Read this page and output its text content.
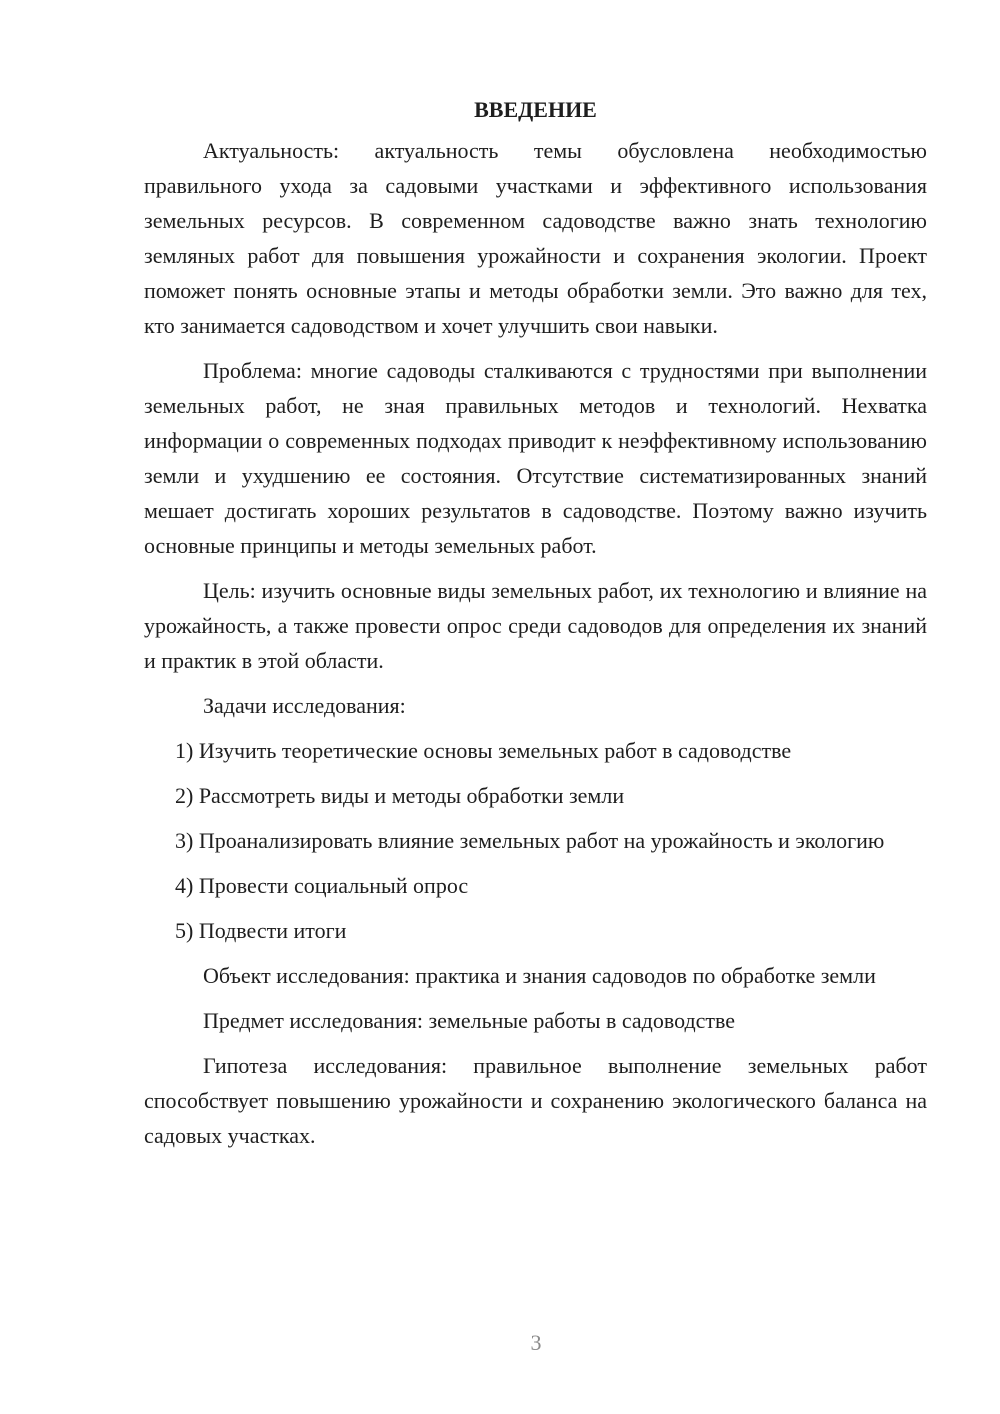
ВВЕДЕНИЕ

Актуальность: актуальность темы обусловлена необходимостью правильного ухода за садовыми участками и эффективного использования земельных ресурсов. В современном садоводстве важно знать технологию земляных работ для повышения урожайности и сохранения экологии. Проект поможет понять основные этапы и методы обработки земли. Это важно для тех, кто занимается садоводством и хочет улучшить свои навыки.

Проблема: многие садоводы сталкиваются с трудностями при выполнении земельных работ, не зная правильных методов и технологий. Нехватка информации о современных подходах приводит к неэффективному использованию земли и ухудшению ее состояния. Отсутствие систематизированных знаний мешает достигать хороших результатов в садоводстве. Поэтому важно изучить основные принципы и методы земельных работ.

Цель: изучить основные виды земельных работ, их технологию и влияние на урожайность, а также провести опрос среди садоводов для определения их знаний и практик в этой области.

Задачи исследования:

1) Изучить теоретические основы земельных работ в садоводстве

2) Рассмотреть виды и методы обработки земли

3) Проанализировать влияние земельных работ на урожайность и экологию

4) Провести социальный опрос

5) Подвести итоги

Объект исследования: практика и знания садоводов по обработке земли

Предмет исследования: земельные работы в садоводстве

Гипотеза исследования: правильное выполнение земельных работ способствует повышению урожайности и сохранению экологического баланса на садовых участках.

3
